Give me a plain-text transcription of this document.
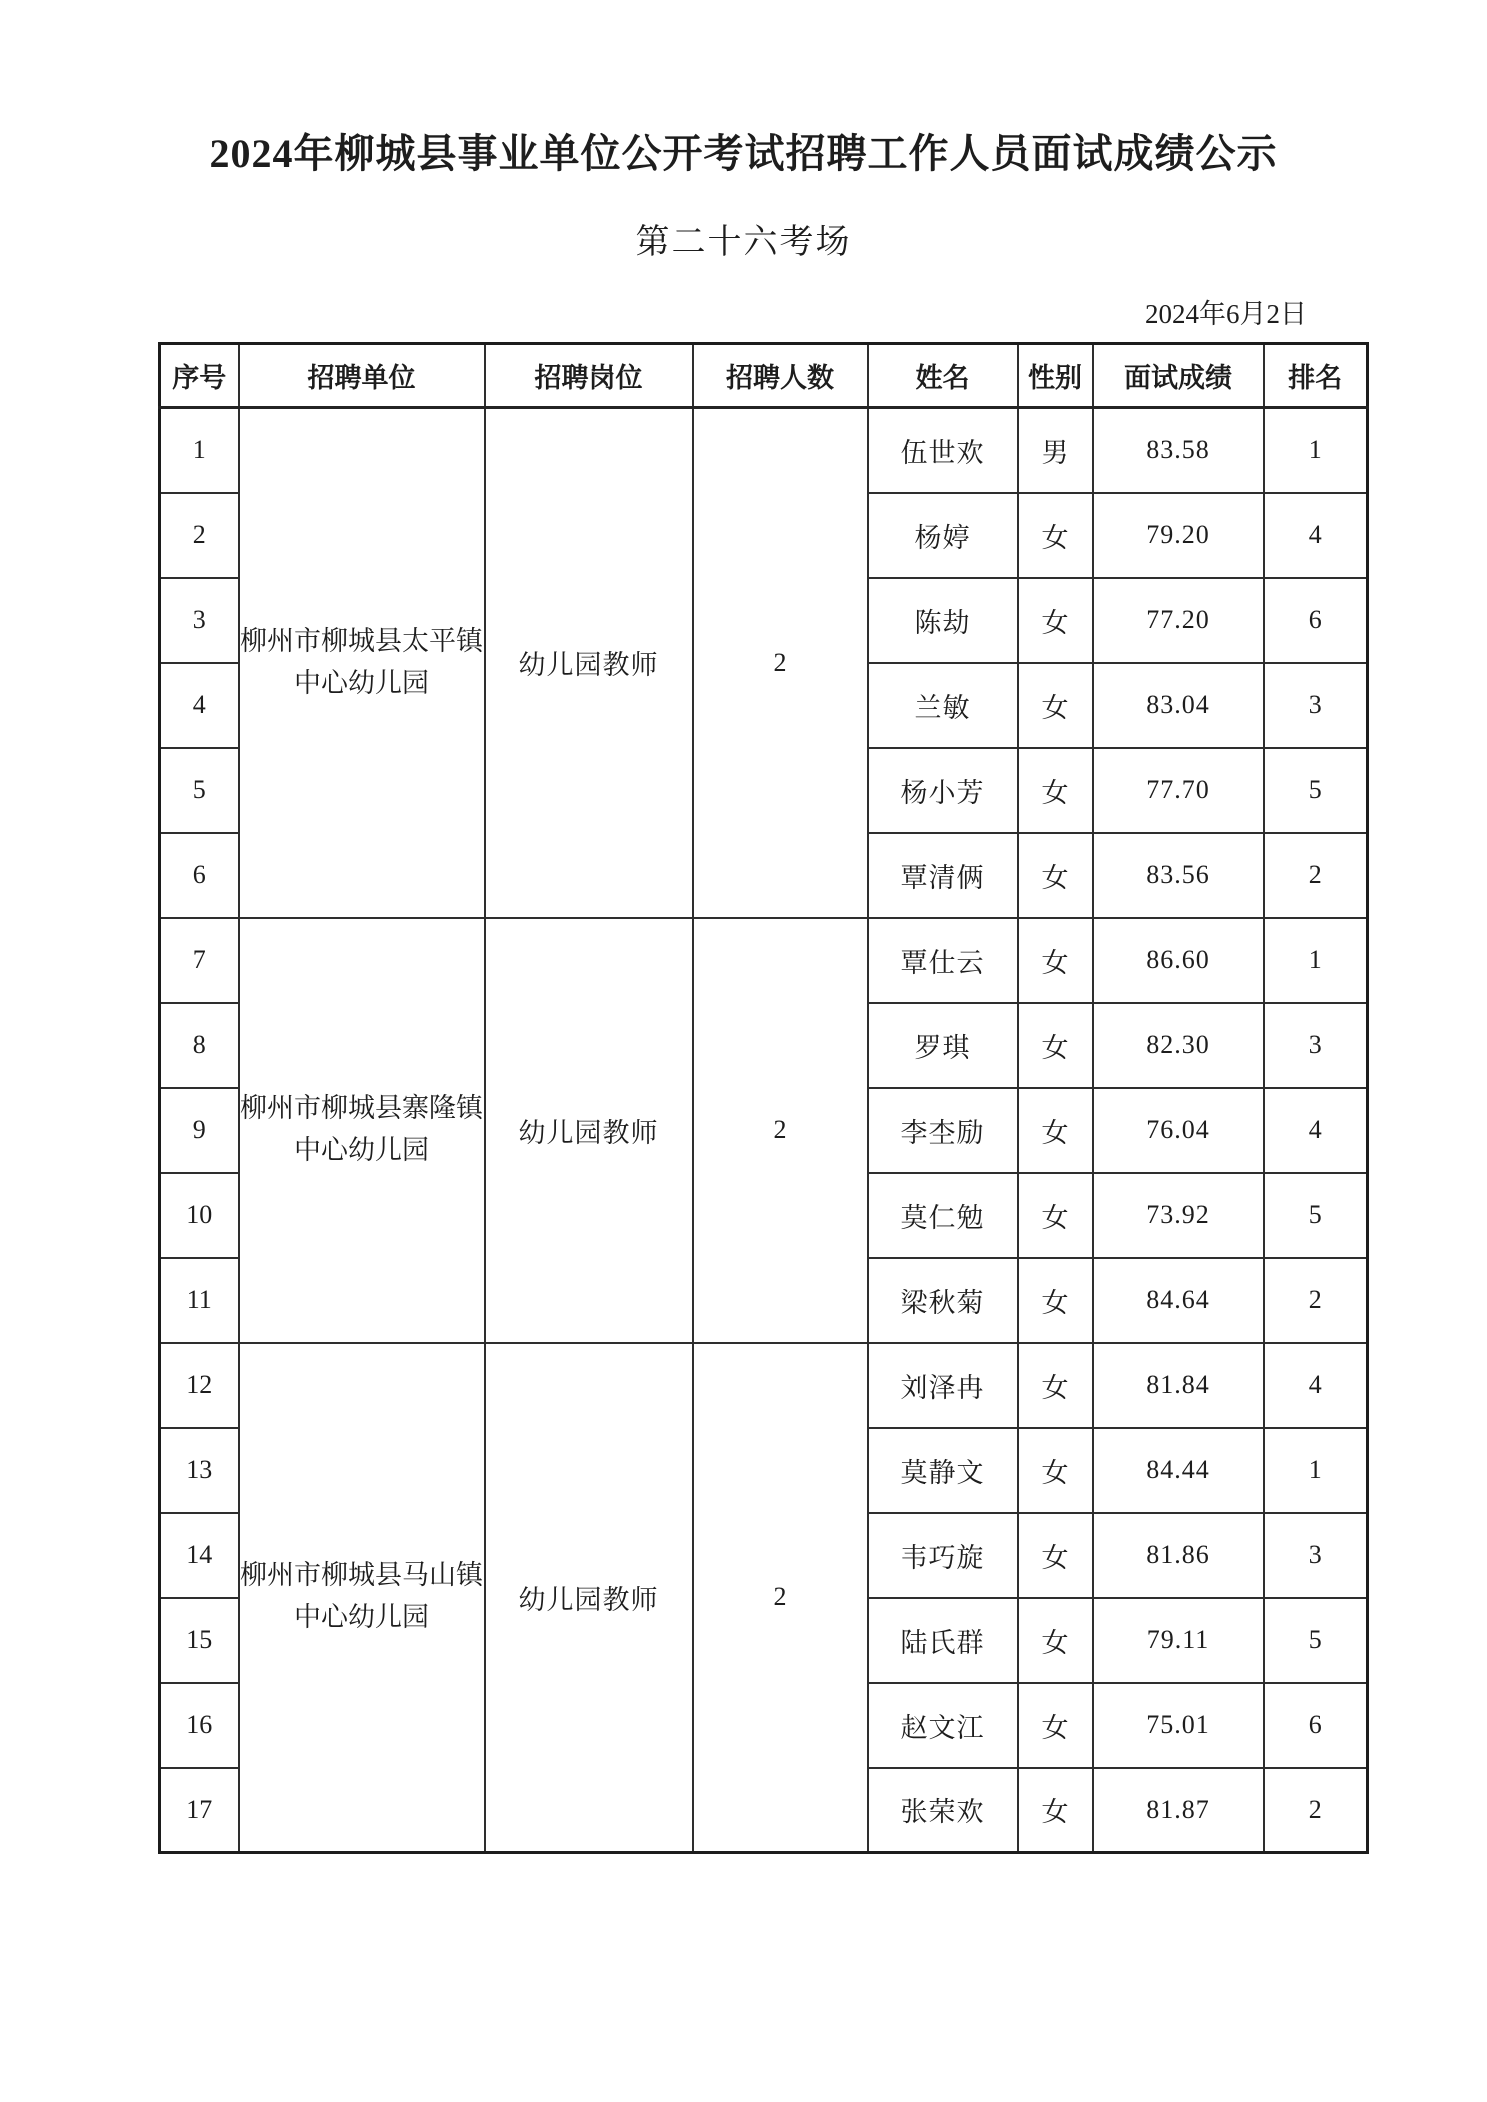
2024年柳城县事业单位公开考试招聘工作人员面试成绩公示
第二十六考场
2024年6月2日
序号	招聘单位	招聘岗位	招聘人数	姓名	性别	面试成绩	排名
1	柳州市柳城县太平镇中心幼儿园	幼儿园教师	2	伍世欢	男	83.58	1
2				杨婷	女	79.20	4
3				陈劫	女	77.20	6
4				兰敏	女	83.04	3
5				杨小芳	女	77.70	5
6				覃清俩	女	83.56	2
7	柳州市柳城县寨隆镇中心幼儿园	幼儿园教师	2	覃仕云	女	86.60	1
8				罗琪	女	82.30	3
9				李杢励	女	76.04	4
10				莫仁勉	女	73.92	5
11				梁秋菊	女	84.64	2
12	柳州市柳城县马山镇中心幼儿园	幼儿园教师	2	刘泽冉	女	81.84	4
13				莫静文	女	84.44	1
14				韦巧旋	女	81.86	3
15				陆氏群	女	79.11	5
16				赵文江	女	75.01	6
17				张荣欢	女	81.87	2
